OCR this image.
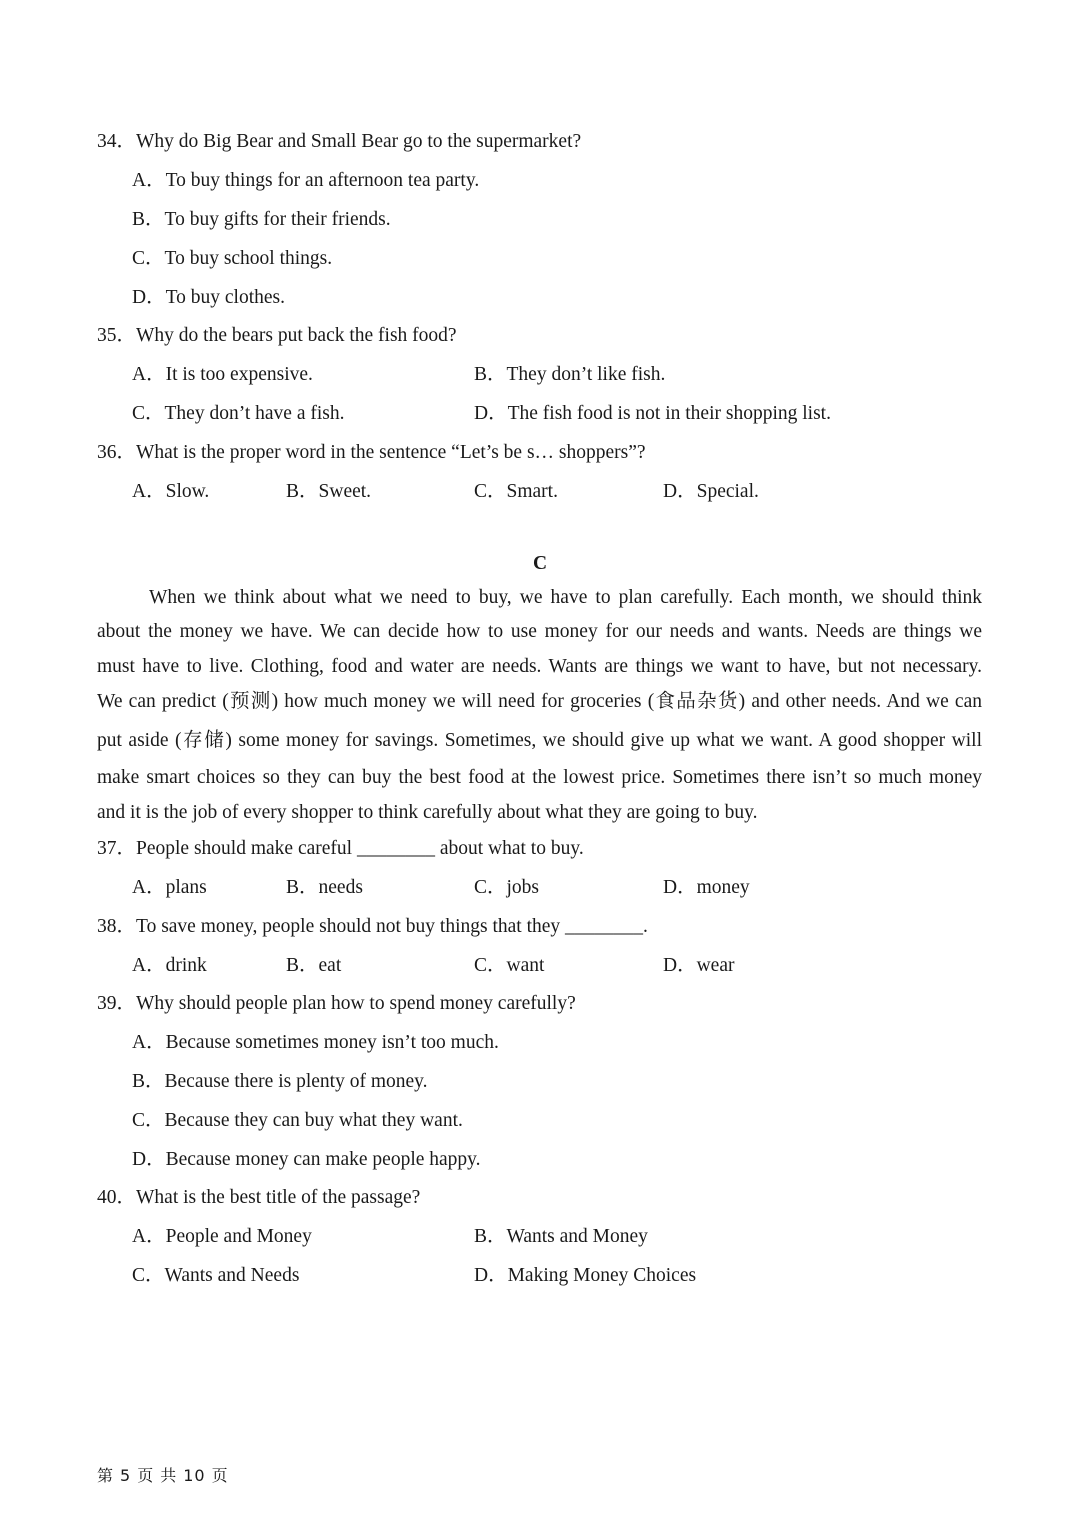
34．Why do Big Bear and Small Bear go to the supermarket?
A．To buy things for an afternoon tea party.
B．To buy gifts for their friends.
C．To buy school things.
D．To buy clothes.
35．Why do the bears put back the fish food?
A．It is too expensive.	B．They don’t like fish.
C．They don’t have a fish.	D．The fish food is not in their shopping list.
36．What is the proper word in the sentence “Let’s be s… shoppers”?
A．Slow.	B．Sweet.	C．Smart.	D．Special.
C
When we think about what we need to buy, we have to plan carefully. Each month, we should think
about the money we have. We can decide how to use money for our needs and wants. Needs are things we
must have to live. Clothing, food and water are needs. Wants are things we want to have, but not necessary.
We can predict (预测) how much money we will need for groceries (食品杂货) and other needs. And we can
put aside (存储) some money for savings. Sometimes, we should give up what we want. A good shopper will
make smart choices so they can buy the best food at the lowest price. Sometimes there isn’t so much money
and it is the job of every shopper to think carefully about what they are going to buy.
37．People should make careful ________ about what to buy.
A．plans	B．needs	C．jobs	D．money
38．To save money, people should not buy things that they ________.
A．drink	B．eat	C．want	D．wear
39．Why should people plan how to spend money carefully?
A．Because sometimes money isn’t too much.
B．Because there is plenty of money.
C．Because they can buy what they want.
D．Because money can make people happy.
40．What is the best title of the passage?
A．People and Money	B．Wants and Money
C．Wants and Needs	D．Making Money Choices
第 5 页 共 10 页
